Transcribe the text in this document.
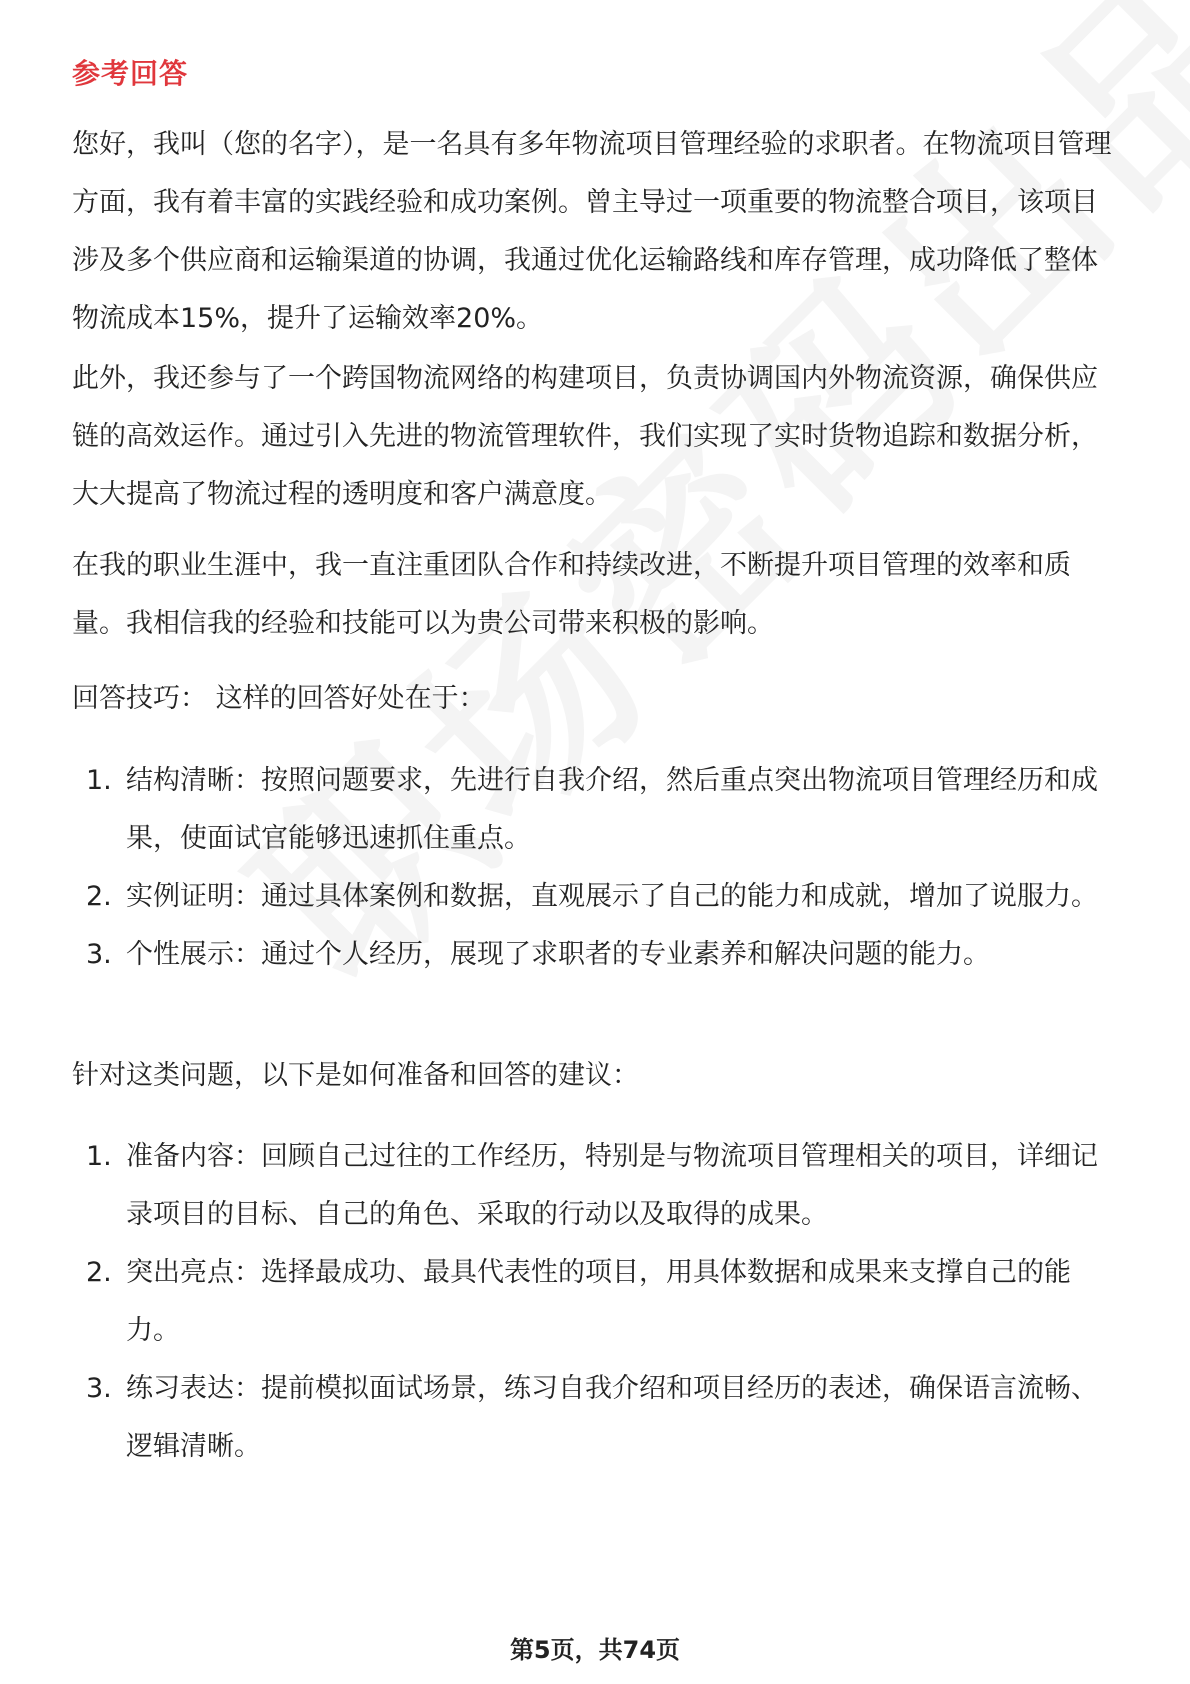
参考回答

您好，我叫（您的名字），是一名具有多年物流项目管理经验的求职者。在物流项目管理方面，我有着丰富的实践经验和成功案例。曾主导过一项重要的物流整合项目，该项目涉及多个供应商和运输渠道的协调，我通过优化运输路线和库存管理，成功降低了整体物流成本15%，提升了运输效率20%。

此外，我还参与了一个跨国物流网络的构建项目，负责协调国内外物流资源，确保供应链的高效运作。通过引入先进的物流管理软件，我们实现了实时货物追踪和数据分析，大大提高了物流过程的透明度和客户满意度。

在我的职业生涯中，我一直注重团队合作和持续改进，不断提升项目管理的效率和质量。我相信我的经验和技能可以为贵公司带来积极的影响。

回答技巧： 这样的回答好处在于：

1. 结构清晰：按照问题要求，先进行自我介绍，然后重点突出物流项目管理经历和成果，使面试官能够迅速抓住重点。
2. 实例证明：通过具体案例和数据，直观展示了自己的能力和成就，增加了说服力。
3. 个性展示：通过个人经历，展现了求职者的专业素养和解决问题的能力。

针对这类问题，以下是如何准备和回答的建议：

1. 准备内容：回顾自己过往的工作经历，特别是与物流项目管理相关的项目，详细记录项目的目标、自己的角色、采取的行动以及取得的成果。
2. 突出亮点：选择最成功、最具代表性的项目，用具体数据和成果来支撑自己的能力。
3. 练习表达：提前模拟面试场景，练习自我介绍和项目经历的表述，确保语言流畅、逻辑清晰。
第5页，共74页
